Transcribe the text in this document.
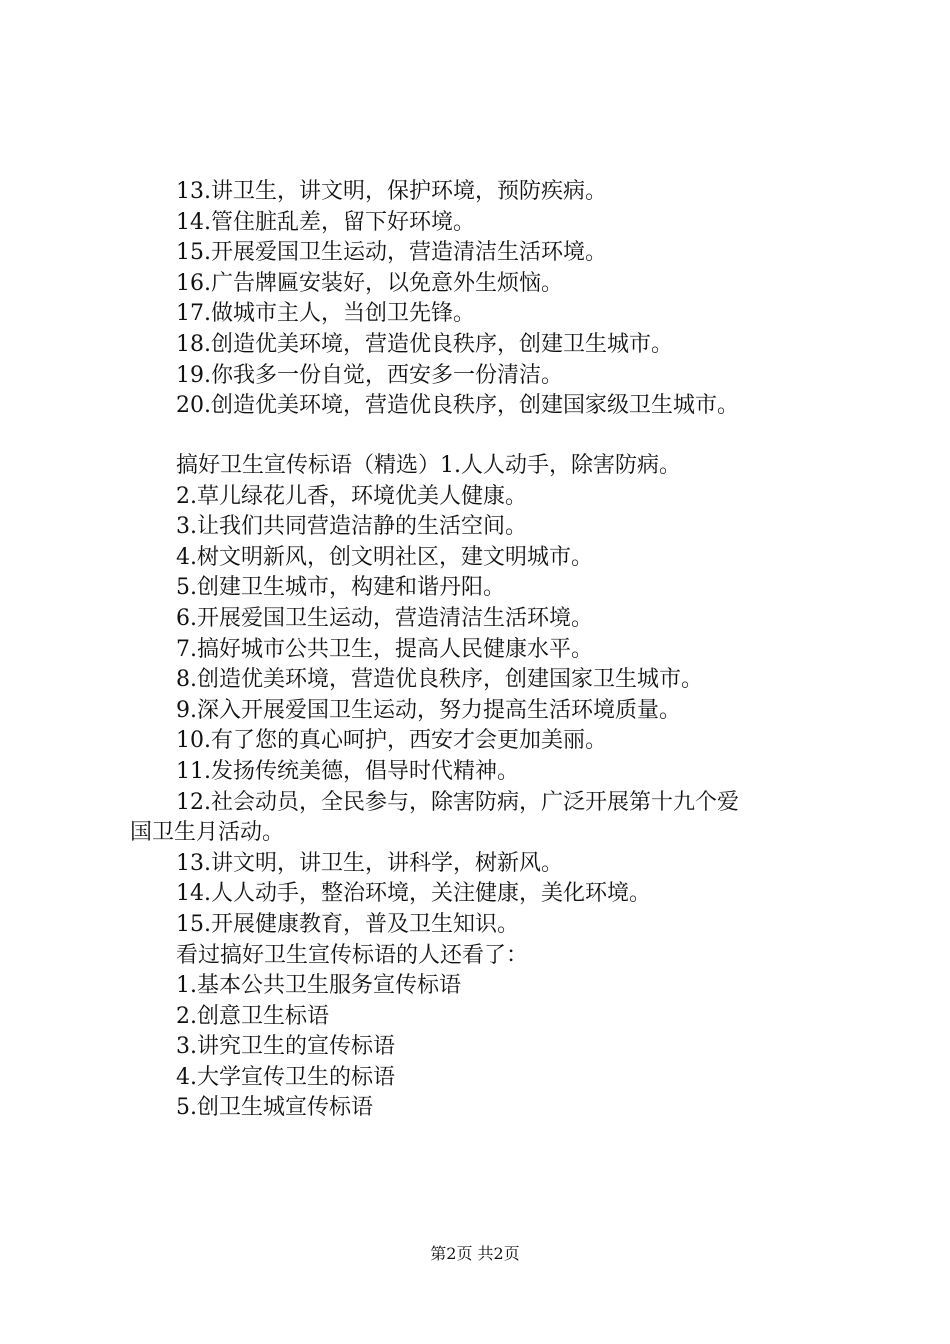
13.讲卫生，讲文明，保护环境，预防疾病。
14.管住脏乱差，留下好环境。
15.开展爱国卫生运动，营造清洁生活环境。
16.广告牌匾安装好，以免意外生烦恼。
17.做城市主人，当创卫先锋。
18.创造优美环境，营造优良秩序，创建卫生城市。
19.你我多一份自觉，西安多一份清洁。
20.创造优美环境，营造优良秩序，创建国家级卫生城市。
搞好卫生宣传标语（精选）1.人人动手，除害防病。
2.草儿绿花儿香，环境优美人健康。
3.让我们共同营造洁静的生活空间。
4.树文明新风，创文明社区，建文明城市。
5.创建卫生城市，构建和谐丹阳。
6.开展爱国卫生运动，营造清洁生活环境。
7.搞好城市公共卫生，提高人民健康水平。
8.创造优美环境，营造优良秩序，创建国家卫生城市。
9.深入开展爱国卫生运动，努力提高生活环境质量。
10.有了您的真心呵护，西安才会更加美丽。
11.发扬传统美德，倡导时代精神。
12.社会动员，全民参与，除害防病，广泛开展第十九个爱
国卫生月活动。
13.讲文明，讲卫生，讲科学，树新风。
14.人人动手，整治环境，关注健康，美化环境。
15.开展健康教育，普及卫生知识。
看过搞好卫生宣传标语的人还看了：
1.基本公共卫生服务宣传标语
2.创意卫生标语
3.讲究卫生的宣传标语
4.大学宣传卫生的标语
5.创卫生城宣传标语
第2页 共2页
